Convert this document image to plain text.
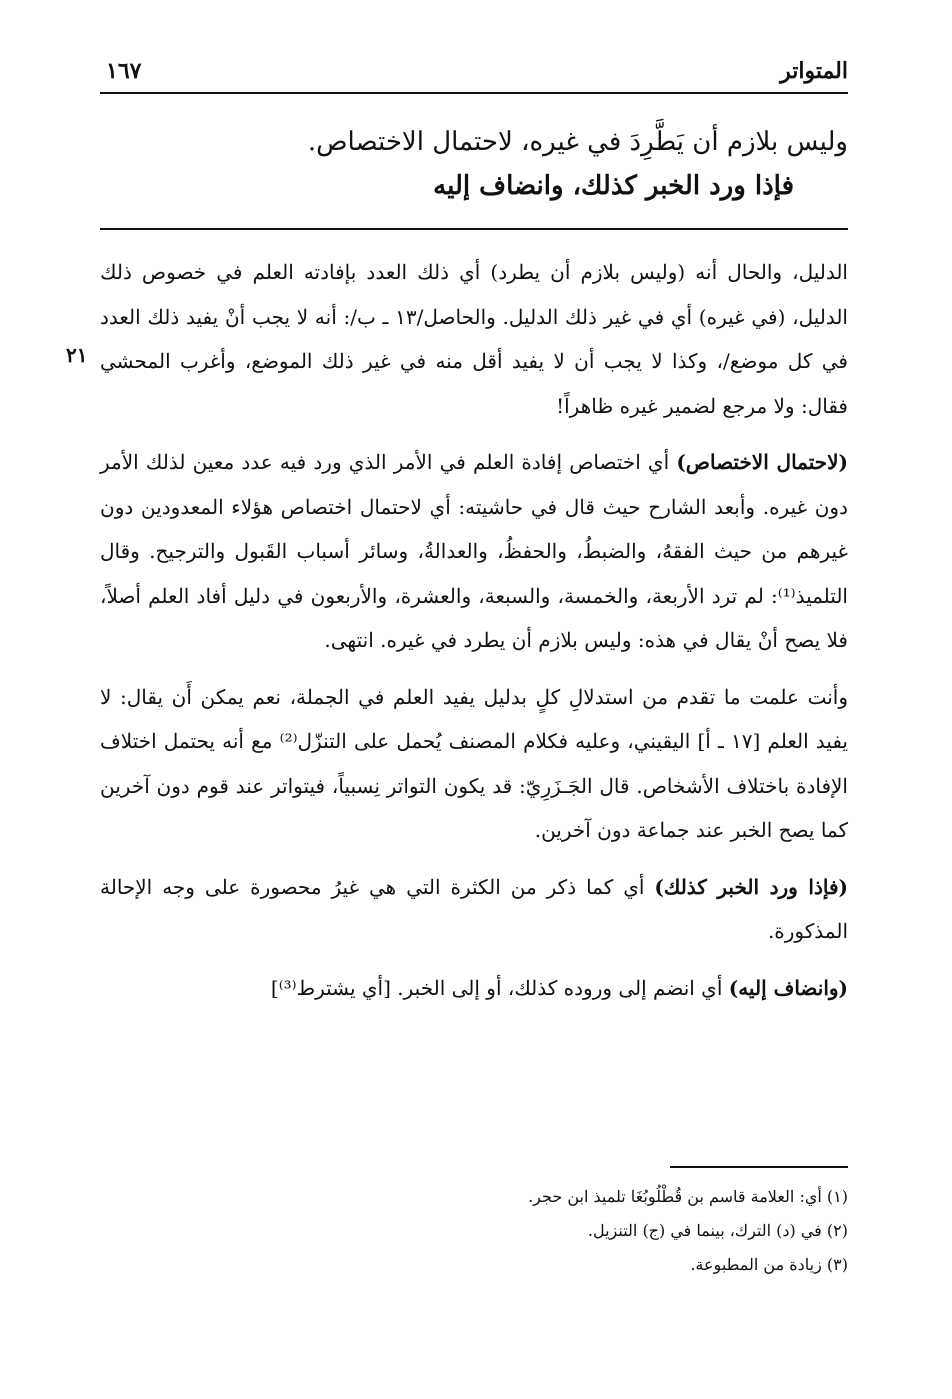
المتواتر
١٦٧
وليس بلازم أن يَطَّرِدَ في غيره، لاحتمال الاختصاص.
فإذا ورد الخبر كذلك، وانضاف إليه
٢١

الدليل، والحال أنه (وليس بلازم أن يطرد) أي ذلك العدد بإفادته العلم في خصوص ذلك الدليل، (في غيره) أي في غير ذلك الدليل. والحاصل/١٣ ـ ب/: أنه لا يجب أنْ يفيد ذلك العدد في كل موضع/، وكذا لا يجب أن لا يفيد أقل منه في غير ذلك الموضع، وأغرب المحشي فقال: ولا مرجع لضمير غيره ظاهراً!

(لاحتمال الاختصاص) أي اختصاص إفادة العلم في الأمر الذي ورد فيه عدد معين لذلك الأمر دون غيره. وأبعد الشارح حيث قال في حاشيته: أي لاحتمال اختصاص هؤلاء المعدودين دون غيرهم من حيث الفقهُ، والضبطُ، والحفظُ، والعدالةُ، وسائر أسباب القَبول والترجيح. وقال التلميذ⁽¹⁾: لم ترد الأربعة، والخمسة، والسبعة، والعشرة، والأربعون في دليل أفاد العلم أصلاً، فلا يصح أنْ يقال في هذه: وليس بلازم أن يطرد في غيره. انتهى.

وأنت علمت ما تقدم من استدلالِ كلٍ بدليل يفيد العلم في الجملة، نعم يمكن أَن يقال: لا يفيد العلم [١٧ ـ أ] اليقيني، وعليه فكلام المصنف يُحمل على التنزّل⁽²⁾ مع أنه يحتمل اختلاف الإفادة باختلاف الأشخاص. قال الجَـزَرِيّ: قد يكون التواتر نِسبياً، فيتواتر عند قوم دون آخرين كما يصح الخبر عند جماعة دون آخرين.

(فإذا ورد الخبر كذلك) أي كما ذكر من الكثرة التي هي غيرُ محصورة على وجه الإحالة المذكورة.

(وانضاف إليه) أي انضم إلى وروده كذلك، أو إلى الخبر. [أي يشترط⁽³⁾]

(١) أي: العلامة قاسم بن قُطْلُوبُغَا تلميذ ابن حجر.
(٢) في (د) الترك، بينما في (ج) التنزيل.
(٣) زيادة من المطبوعة.
